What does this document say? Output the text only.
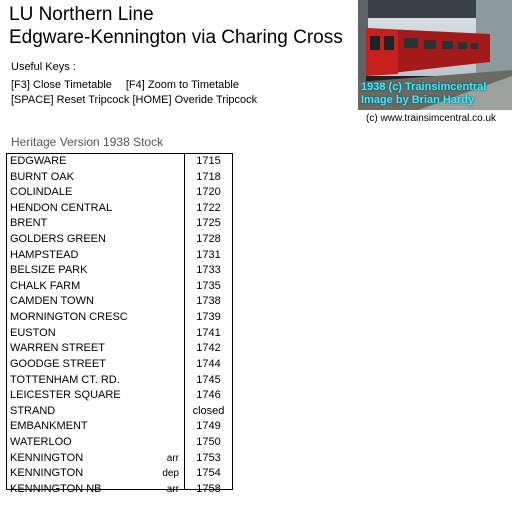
LU Northern Line
Edgware-Kennington via Charing Cross
Useful Keys :
[F3] Close Timetable [F4] Zoom to Timetable
[SPACE] Reset Tripcock [HOME] Overide Tripcock
1938 (c) Trainsimcentral
Image by Brian Hardy
(c) www.trainsimcentral.co.uk
Heritage Version 1938 Stock
EDGWARE	1715
BURNT OAK	1718
COLINDALE	1720
HENDON CENTRAL	1722
BRENT	1725
GOLDERS GREEN	1728
HAMPSTEAD	1731
BELSIZE PARK	1733
CHALK FARM	1735
CAMDEN TOWN	1738
MORNINGTON CRESC	1739
EUSTON	1741
WARREN STREET	1742
GOODGE STREET	1744
TOTTENHAM CT. RD.	1745
LEICESTER SQUARE	1746
STRAND	closed
EMBANKMENT	1749
WATERLOO	1750
KENNINGTON	arr	1753
KENNINGTON	dep	1754
KENNINGTON NB	arr	1758
